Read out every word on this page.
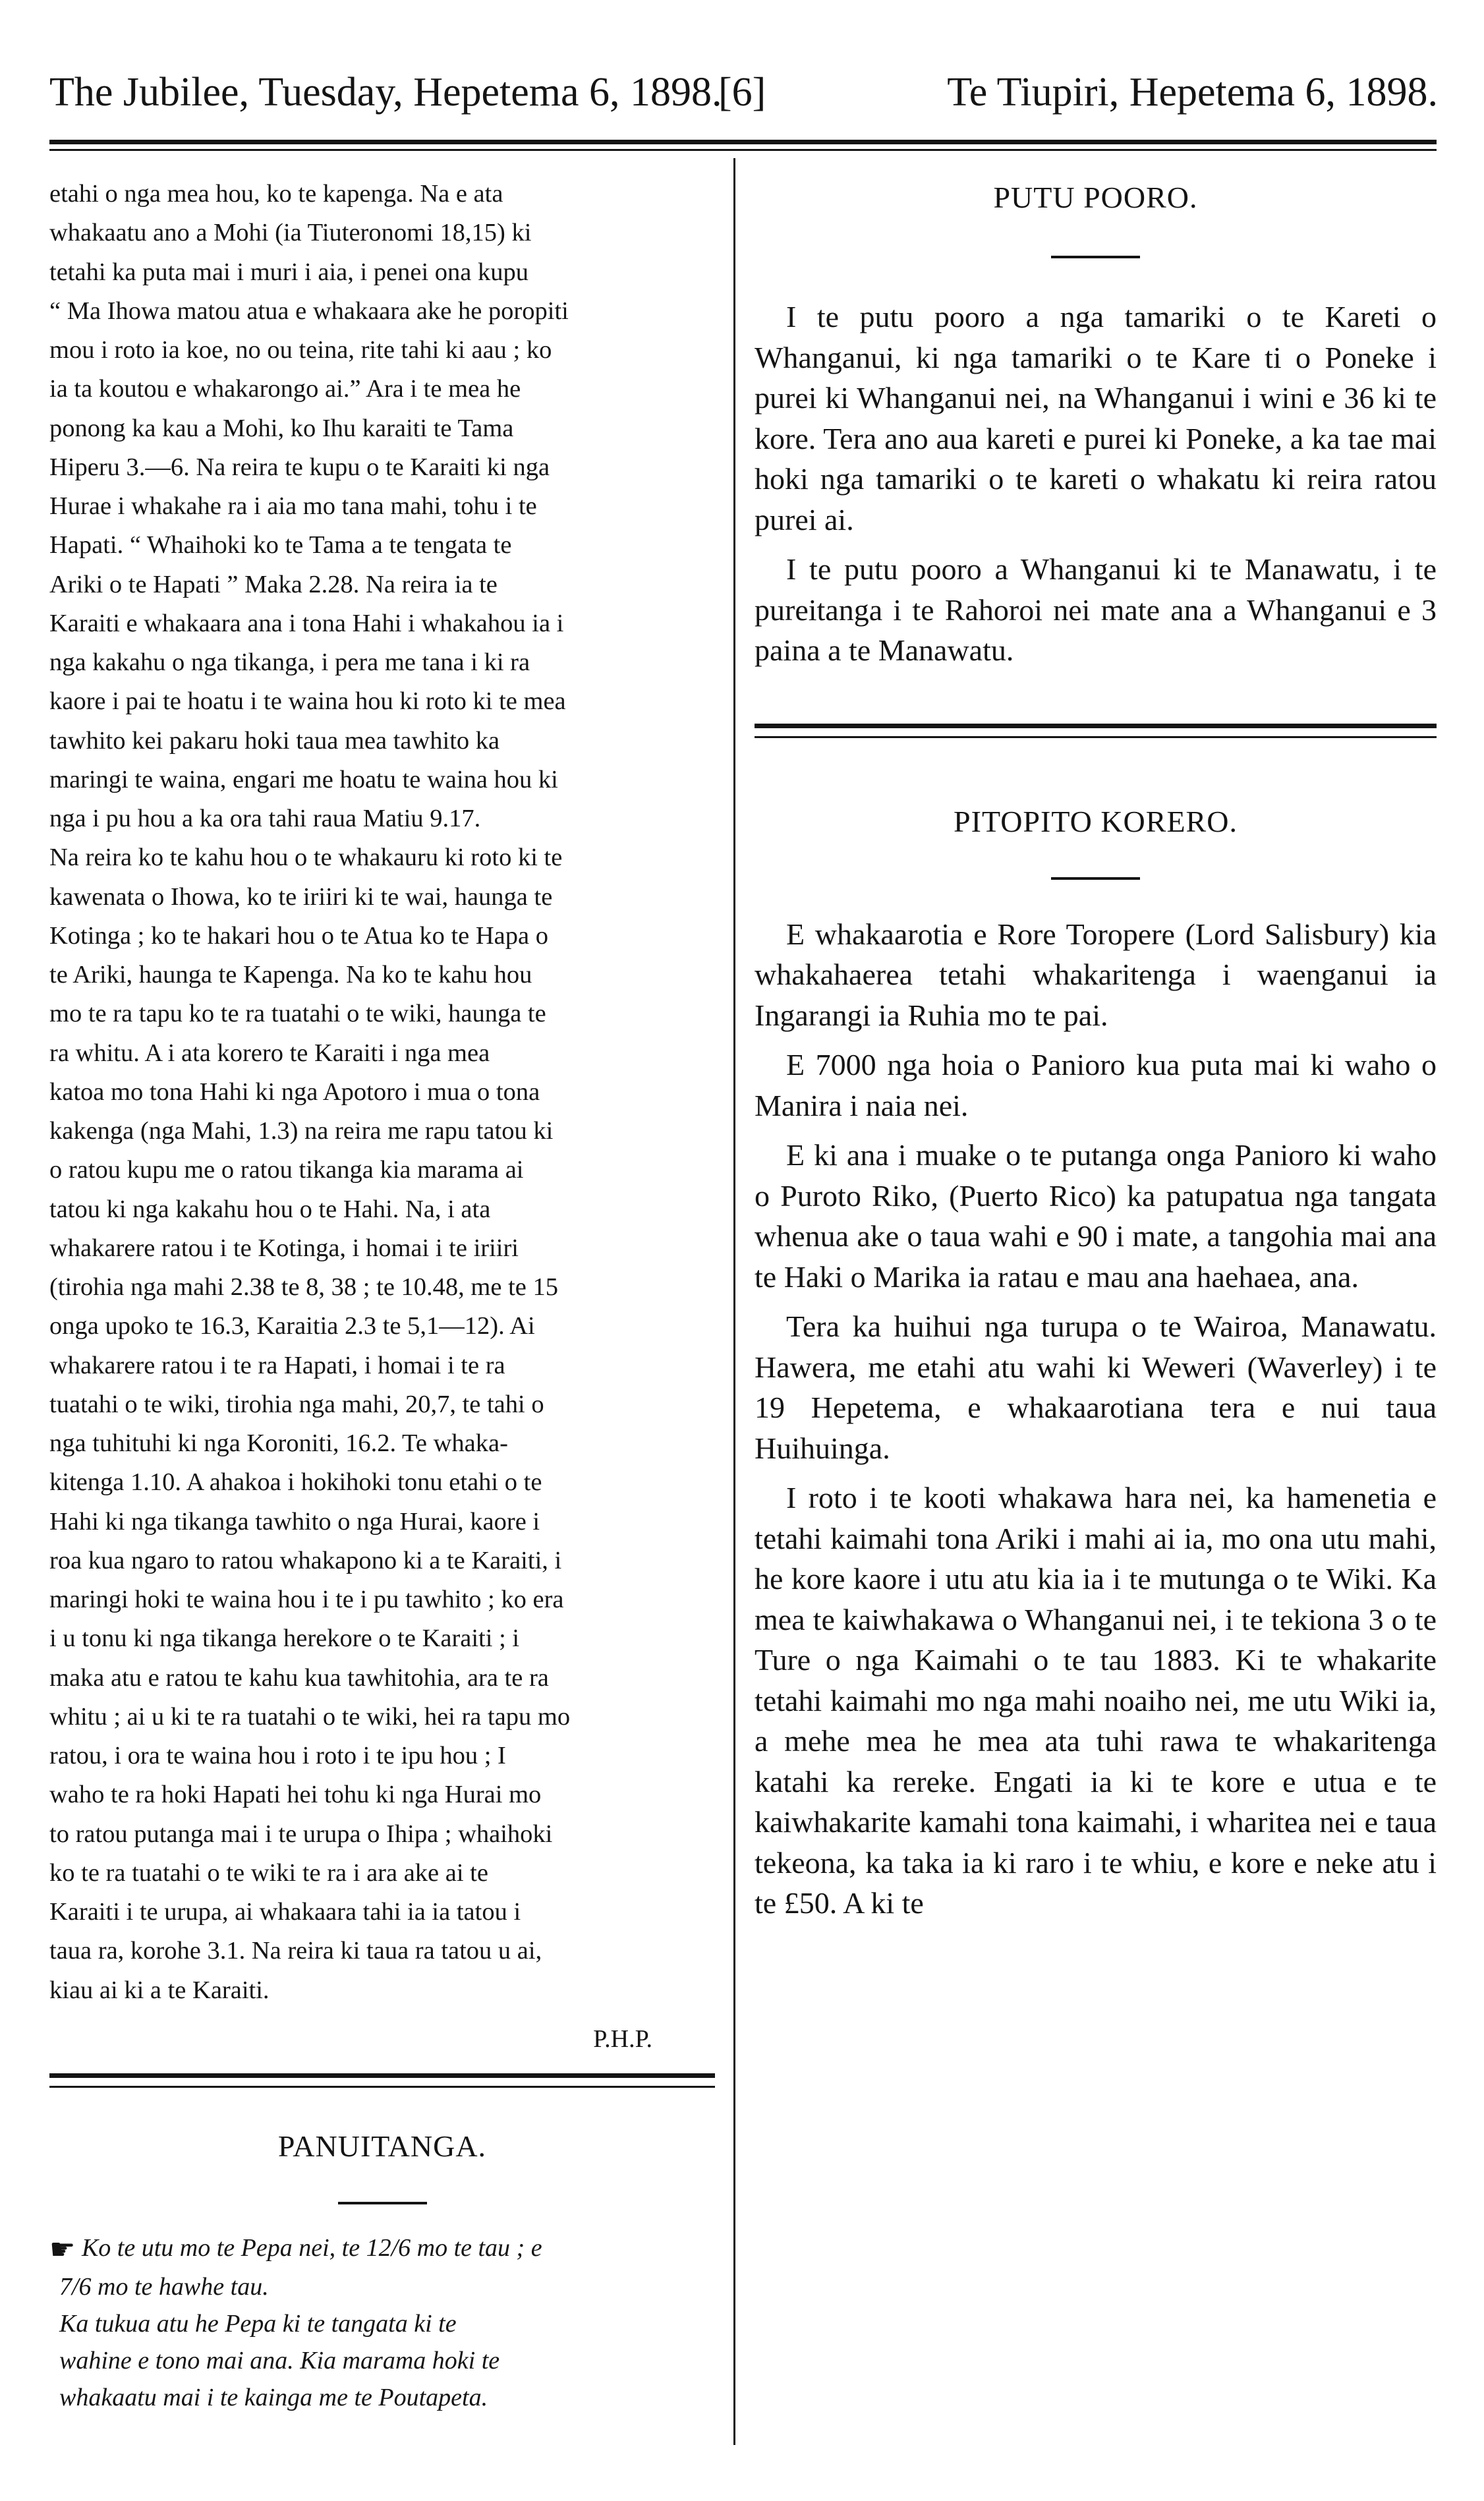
The Jubilee, Tuesday, Hepetema 6, 1898.
[6]	Te Tiupiri, Hepetema 6, 1898.

etahi o nga mea hou, ko te kapenga. Na e ata

whakaatu ano a Mohi (ia Tiuteronomi 18,15) ki

tetahi ka puta mai i muri i aia, i penei ona kupu

“ Ma Ihowa matou atua e whakaara ake he poropiti

mou i roto ia koe, no ou teina, rite tahi ki aau ; ko

ia ta koutou e whakarongo ai.” Ara i te mea he

ponong ka kau a Mohi, ko Ihu karaiti te Tama

Hiperu 3.—6. Na reira te kupu o te Karaiti ki nga

Hurae i whakahe ra i aia mo tana mahi, tohu i te

Hapati. “ Whaihoki ko te Tama a te tengata te

Ariki o te Hapati ” Maka 2.28. Na reira ia te

Karaiti e whakaara ana i tona Hahi i whakahou ia i

nga kakahu o nga tikanga, i pera me tana i ki ra

kaore i pai te hoatu i te waina hou ki roto ki te mea

tawhito kei pakaru hoki taua mea tawhito ka

maringi te waina, engari me hoatu te waina hou ki

nga i pu hou a ka ora tahi raua Matiu 9.17.

Na reira ko te kahu hou o te whakauru ki roto ki te

kawenata o Ihowa, ko te iriiri ki te wai, haunga te

Kotinga ; ko te hakari hou o te Atua ko te Hapa o

te Ariki, haunga te Kapenga. Na ko te kahu hou

mo te ra tapu ko te ra tuatahi o te wiki, haunga te

ra whitu. A i ata korero te Karaiti i nga mea

katoa mo tona Hahi ki nga Apotoro i mua o tona

kakenga (nga Mahi, 1.3) na reira me rapu tatou ki

o ratou kupu me o ratou tikanga kia marama ai

tatou ki nga kakahu hou o te Hahi. Na, i ata

whakarere ratou i te Kotinga, i homai i te iriiri

(tirohia nga mahi 2.38 te 8, 38 ; te 10.48, me te 15

onga upoko te 16.3, Karaitia 2.3 te 5,1—12). Ai

whakarere ratou i te ra Hapati, i homai i te ra

tuatahi o te wiki, tirohia nga mahi, 20,7, te tahi o

nga tuhituhi ki nga Koroniti, 16.2. Te whaka-

kitenga 1.10. A ahakoa i hokihoki tonu etahi o te

Hahi ki nga tikanga tawhito o nga Hurai, kaore i

roa kua ngaro to ratou whakapono ki a te Karaiti, i

maringi hoki te waina hou i te i pu tawhito ; ko era

i u tonu ki nga tikanga herekore o te Karaiti ; i

maka atu e ratou te kahu kua tawhitohia, ara te ra

whitu ; ai u ki te ra tuatahi o te wiki, hei ra tapu mo

ratou, i ora te waina hou i roto i te ipu hou ; I

waho te ra hoki Hapati hei tohu ki nga Hurai mo

to ratou putanga mai i te urupa o Ihipa ; whaihoki

ko te ra tuatahi o te wiki te ra i ara ake ai te

Karaiti i te urupa, ai whakaara tahi ia ia tatou i

taua ra, korohe 3.1. Na reira ki taua ra tatou u ai,

kiau ai ki a te Karaiti.

P.H.P.
PANUITANGA.

☛ Ko te utu mo te Pepa nei, te 12/6 mo te tau ; e

7/6 mo te hawhe tau.

Ka tukua atu he Pepa ki te tangata ki te

wahine e tono mai ana. Kia marama hoki te

whakaatu mai i te kainga me te Poutapeta.

PUTU POORO.

I te putu pooro a nga tamariki o te Kareti o Whanganui, ki nga tamariki o te Kare ti o Poneke i purei ki Whanganui nei, na Whanganui i wini e 36 ki te kore. Tera ano aua kareti e purei ki Poneke, a ka tae mai hoki nga tamariki o te kareti o whakatu ki reira ratou purei ai.

I te putu pooro a Whanganui ki te Manawatu, i te pureitanga i te Rahoroi nei mate ana a Whanganui e 3 paina a te Manawatu.

PITOPITO KORERO.

E whakaarotia e Rore Toropere (Lord Salisbury) kia whakahaerea tetahi whakaritenga i waenganui ia Ingarangi ia Ruhia mo te pai.

E 7000 nga hoia o Panioro kua puta mai ki waho o Manira i naia nei.

E ki ana i muake o te putanga onga Panioro ki waho o Puroto Riko, (Puerto Rico) ka patupatua nga tangata whenua ake o taua wahi e 90 i mate, a tangohia mai ana te Haki o Marika ia ratau e mau ana haehaea, ana.

Tera ka huihui nga turupa o te Wairoa, Manawatu. Hawera, me etahi atu wahi ki Weweri (Waverley) i te 19 Hepetema, e whakaarotiana tera e nui taua Huihuinga.

I roto i te kooti whakawa hara nei, ka hamenetia e tetahi kaimahi tona Ariki i mahi ai ia, mo ona utu mahi, he kore kaore i utu atu kia ia i te mutunga o te Wiki. Ka mea te kaiwhakawa o Whanganui nei, i te tekiona 3 o te Ture o nga Kaimahi o te tau 1883. Ki te whakarite tetahi kaimahi mo nga mahi noaiho nei, me utu Wiki ia, a mehe mea he mea ata tuhi rawa te whakaritenga katahi ka rereke. Engati ia ki te kore e utua e te kaiwhakarite kamahi tona kaimahi, i wharitea nei e taua tekeona, ka taka ia ki raro i te whiu, e kore e neke atu i te £50. A ki te
